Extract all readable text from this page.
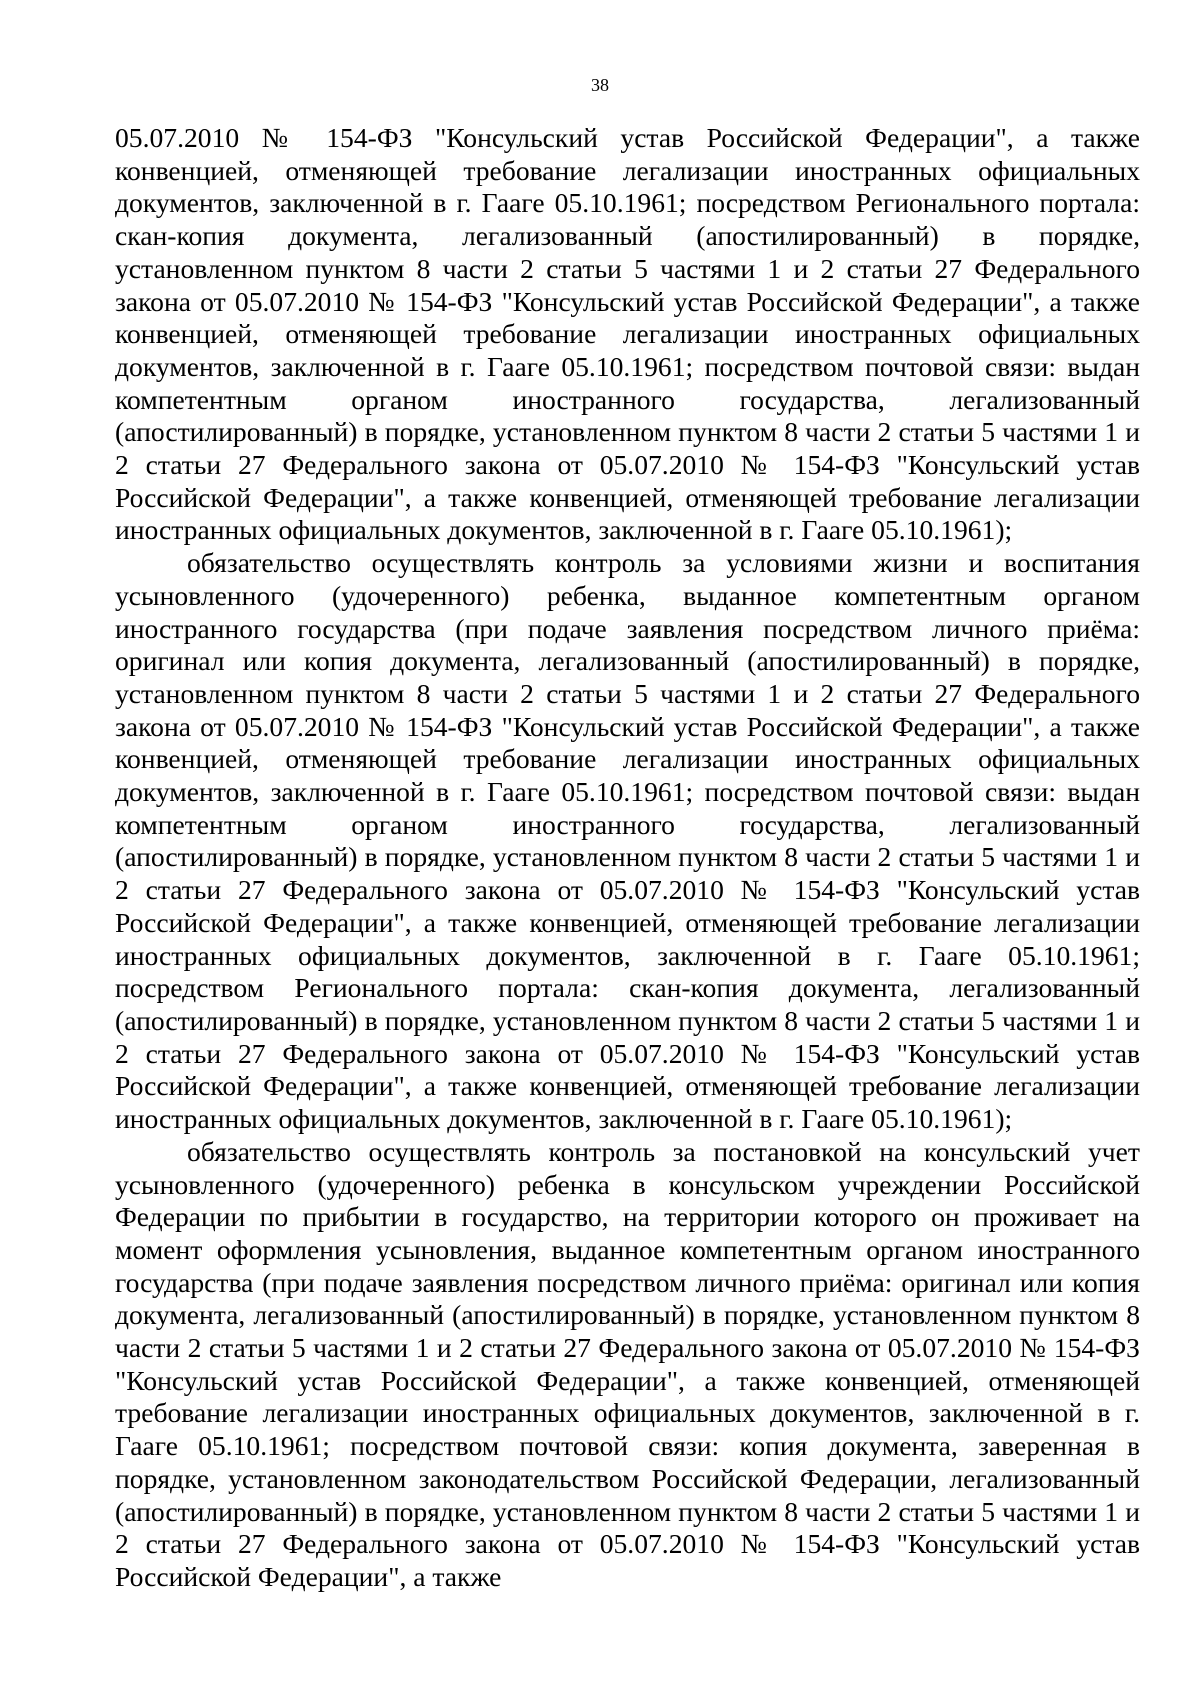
38

05.07.2010 № 154-ФЗ "Консульский устав Российской Федерации", а также конвенцией, отменяющей требование легализации иностранных официальных документов, заключенной в г. Гааге 05.10.1961; посредством Регионального портала: скан-копия документа, легализованный (апостилированный) в порядке, установленном пунктом 8 части 2 статьи 5 частями 1 и 2 статьи 27 Федерального закона от 05.07.2010 № 154-ФЗ "Консульский устав Российской Федерации", а также конвенцией, отменяющей требование легализации иностранных официальных документов, заключенной в г. Гааге 05.10.1961; посредством почтовой связи: выдан компетентным органом иностранного государства, легализованный (апостилированный) в порядке, установленном пунктом 8 части 2 статьи 5 частями 1 и 2 статьи 27 Федерального закона от 05.07.2010 № 154-ФЗ "Консульский устав Российской Федерации", а также конвенцией, отменяющей требование легализации иностранных официальных документов, заключенной в г. Гааге 05.10.1961);

обязательство осуществлять контроль за условиями жизни и воспитания усыновленного (удочеренного) ребенка, выданное компетентным органом иностранного государства (при подаче заявления посредством личного приёма: оригинал или копия документа, легализованный (апостилированный) в порядке, установленном пунктом 8 части 2 статьи 5 частями 1 и 2 статьи 27 Федерального закона от 05.07.2010 № 154-ФЗ "Консульский устав Российской Федерации", а также конвенцией, отменяющей требование легализации иностранных официальных документов, заключенной в г. Гааге 05.10.1961; посредством почтовой связи: выдан компетентным органом иностранного государства, легализованный (апостилированный) в порядке, установленном пунктом 8 части 2 статьи 5 частями 1 и 2 статьи 27 Федерального закона от 05.07.2010 № 154-ФЗ "Консульский устав Российской Федерации", а также конвенцией, отменяющей требование легализации иностранных официальных документов, заключенной в г. Гааге 05.10.1961; посредством Регионального портала: скан-копия документа, легализованный (апостилированный) в порядке, установленном пунктом 8 части 2 статьи 5 частями 1 и 2 статьи 27 Федерального закона от 05.07.2010 № 154-ФЗ "Консульский устав Российской Федерации", а также конвенцией, отменяющей требование легализации иностранных официальных документов, заключенной в г. Гааге 05.10.1961);

обязательство осуществлять контроль за постановкой на консульский учет усыновленного (удочеренного) ребенка в консульском учреждении Российской Федерации по прибытии в государство, на территории которого он проживает на момент оформления усыновления, выданное компетентным органом иностранного государства (при подаче заявления посредством личного приёма: оригинал или копия документа, легализованный (апостилированный) в порядке, установленном пунктом 8 части 2 статьи 5 частями 1 и 2 статьи 27 Федерального закона от 05.07.2010 № 154-ФЗ "Консульский устав Российской Федерации", а также конвенцией, отменяющей требование легализации иностранных официальных документов, заключенной в г. Гааге 05.10.1961; посредством почтовой связи: копия документа, заверенная в порядке, установленном законодательством Российской Федерации, легализованный (апостилированный) в порядке, установленном пунктом 8 части 2 статьи 5 частями 1 и 2 статьи 27 Федерального закона от 05.07.2010 № 154-ФЗ "Консульский устав Российской Федерации", а также
